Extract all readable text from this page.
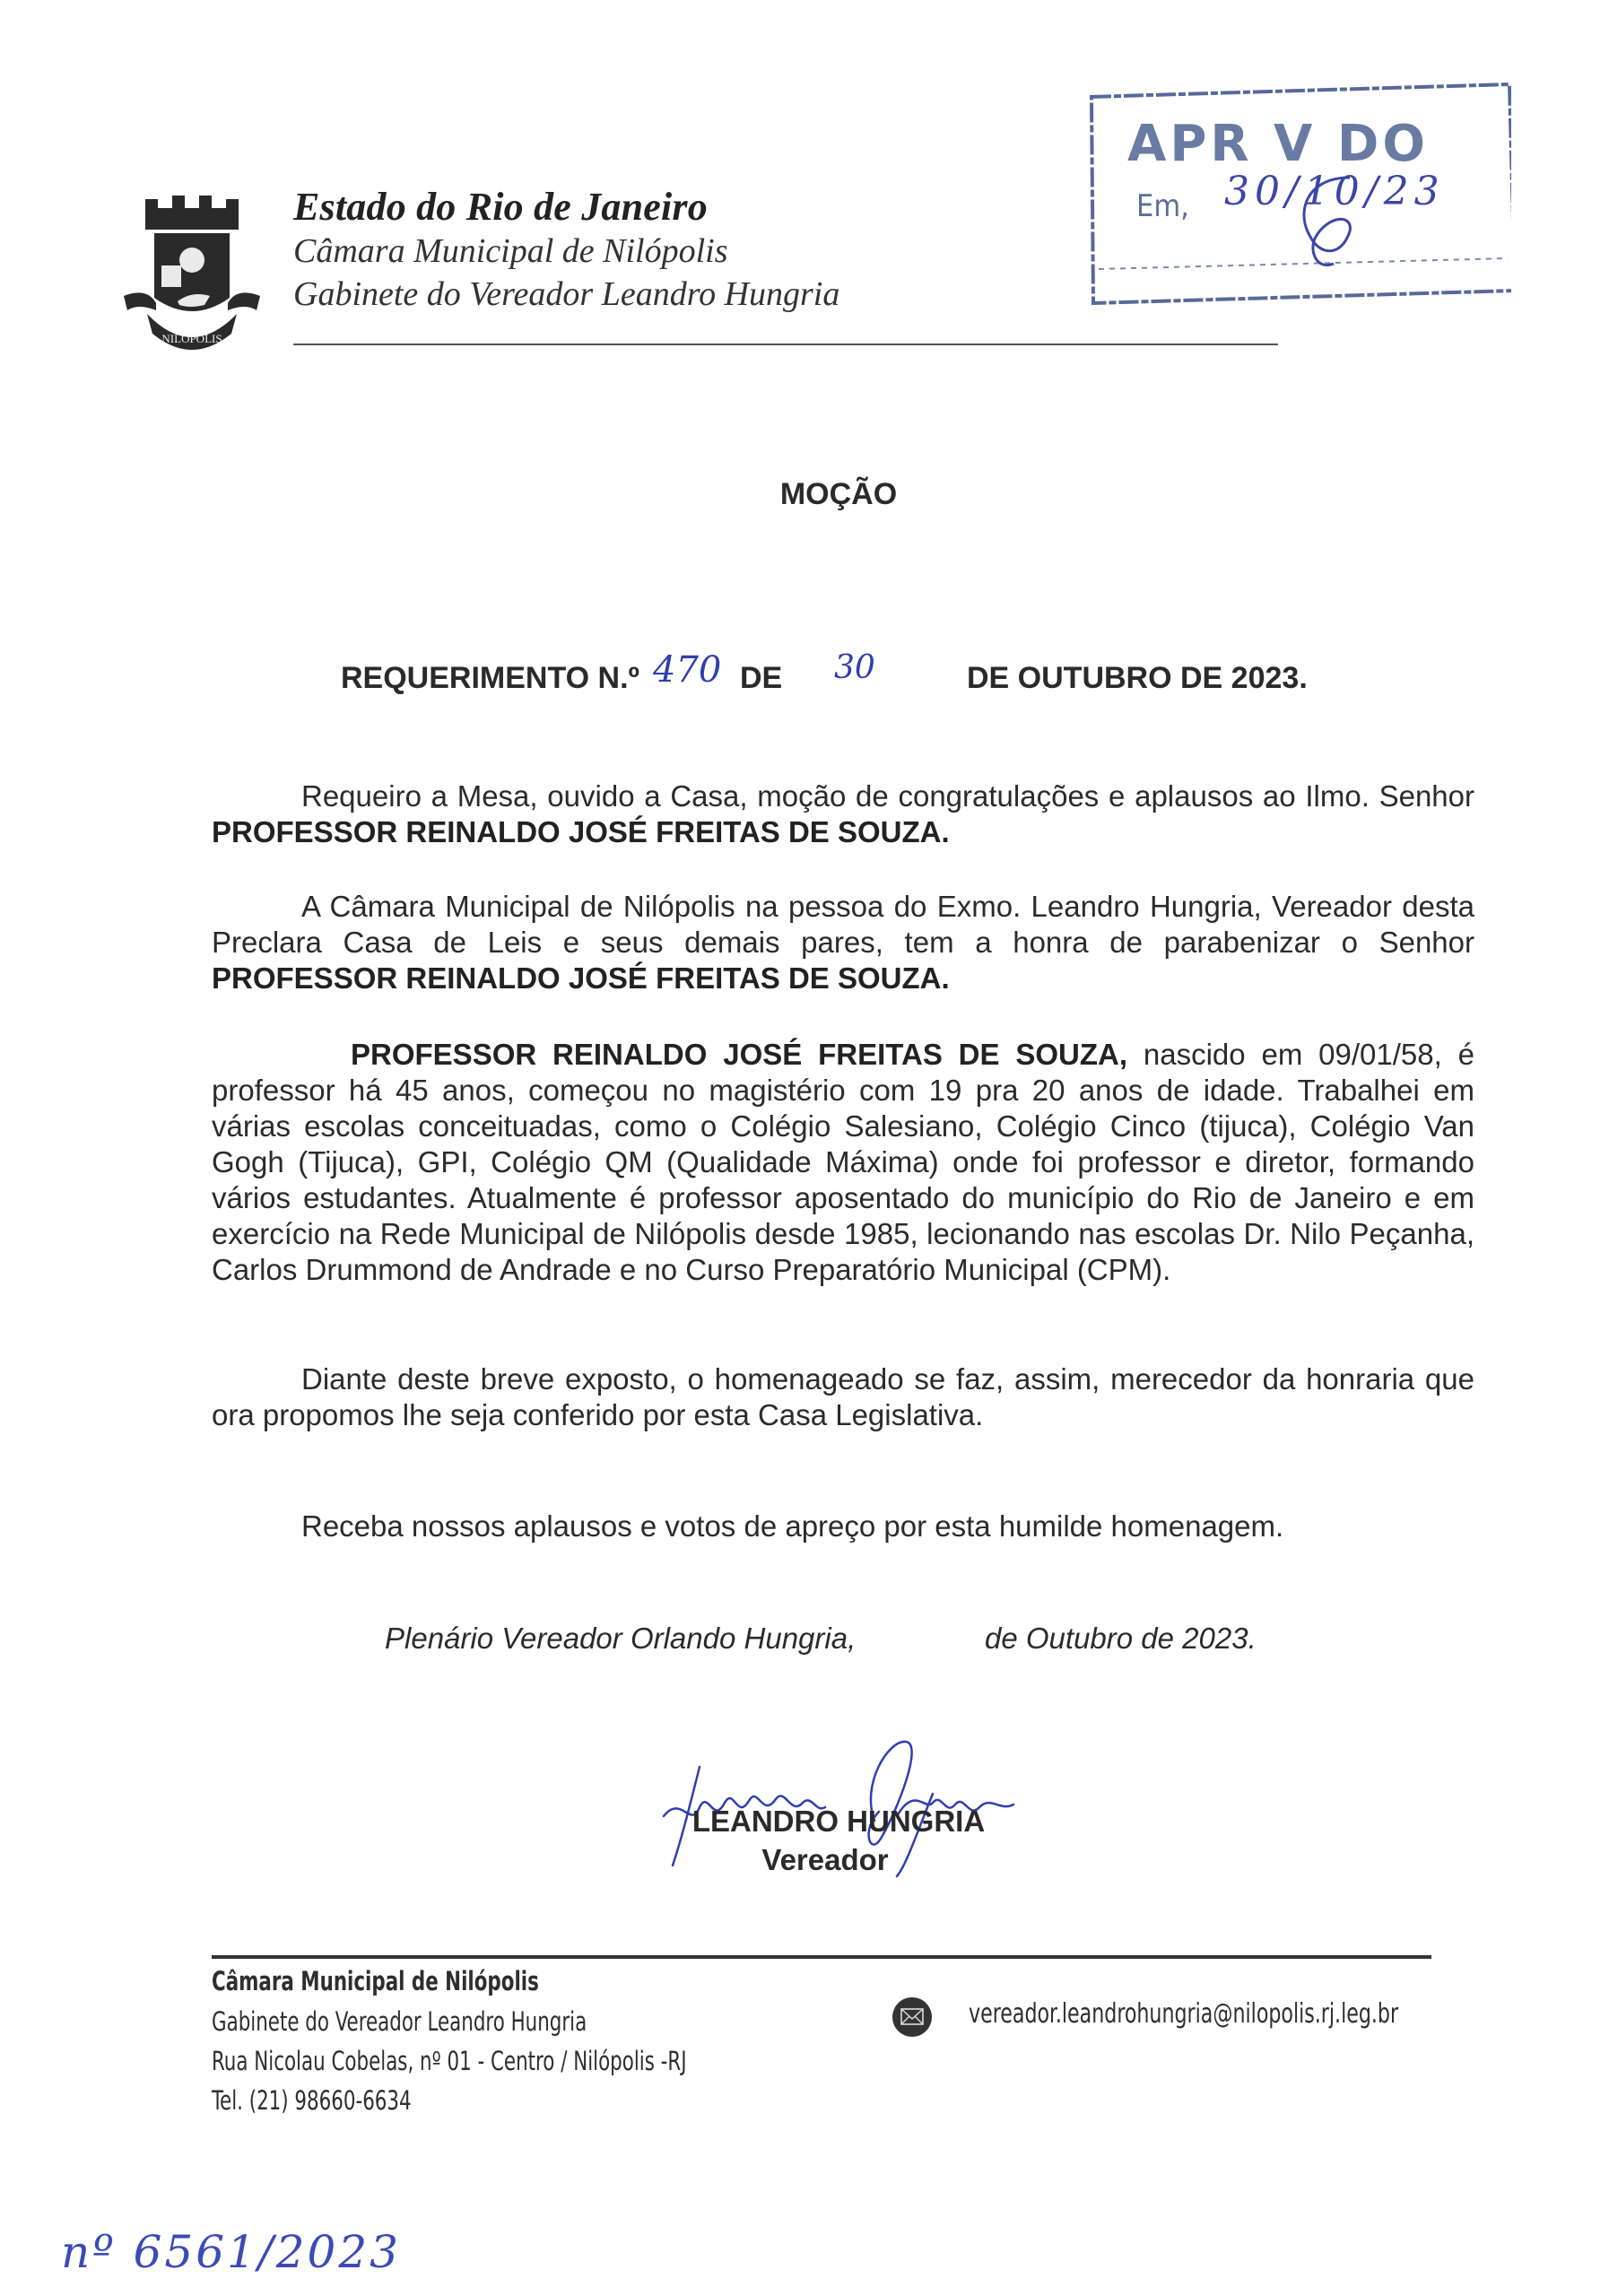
NILOPOLIS
Estado do Rio de Janeiro
Câmara Municipal de Nilópolis
Gabinete do Vereador Leandro Hungria
APR V DO
Em, 30/10/23
MOÇÃO
REQUERIMENTO N.º 470 DE 30	DE OUTUBRO DE 2023.
Requeiro a Mesa, ouvido a Casa, moção de congratulações e aplausos ao Ilmo. Senhor PROFESSOR REINALDO JOSÉ FREITAS DE SOUZA.
A Câmara Municipal de Nilópolis na pessoa do Exmo. Leandro Hungria, Vereador desta Preclara Casa de Leis e seus demais pares, tem a honra de parabenizar o Senhor PROFESSOR REINALDO JOSÉ FREITAS DE SOUZA.
PROFESSOR REINALDO JOSÉ FREITAS DE SOUZA, nascido em 09/01/58, é professor há 45 anos, começou no magistério com 19 pra 20 anos de idade. Trabalhei em várias escolas conceituadas, como o Colégio Salesiano, Colégio Cinco (tijuca), Colégio Van Gogh (Tijuca), GPI, Colégio QM (Qualidade Máxima) onde foi professor e diretor, formando vários estudantes. Atualmente é professor aposentado do município do Rio de Janeiro e em exercício na Rede Municipal de Nilópolis desde 1985, lecionando nas escolas Dr. Nilo Peçanha, Carlos Drummond de Andrade e no Curso Preparatório Municipal (CPM).
Diante deste breve exposto, o homenageado se faz, assim, merecedor da honraria que ora propomos lhe seja conferido por esta Casa Legislativa.
Receba nossos aplausos e votos de apreço por esta humilde homenagem.
Plenário Vereador Orlando Hungria,	de Outubro de 2023.
LEANDRO HUNGRIA
Vereador
Câmara Municipal de Nilópolis
Gabinete do Vereador Leandro Hungria
Rua Nicolau Cobelas, nº 01 - Centro / Nilópolis -RJ
Tel. (21) 98660-6634
vereador.leandrohungria@nilopolis.rj.leg.br
nº 6561/2023
